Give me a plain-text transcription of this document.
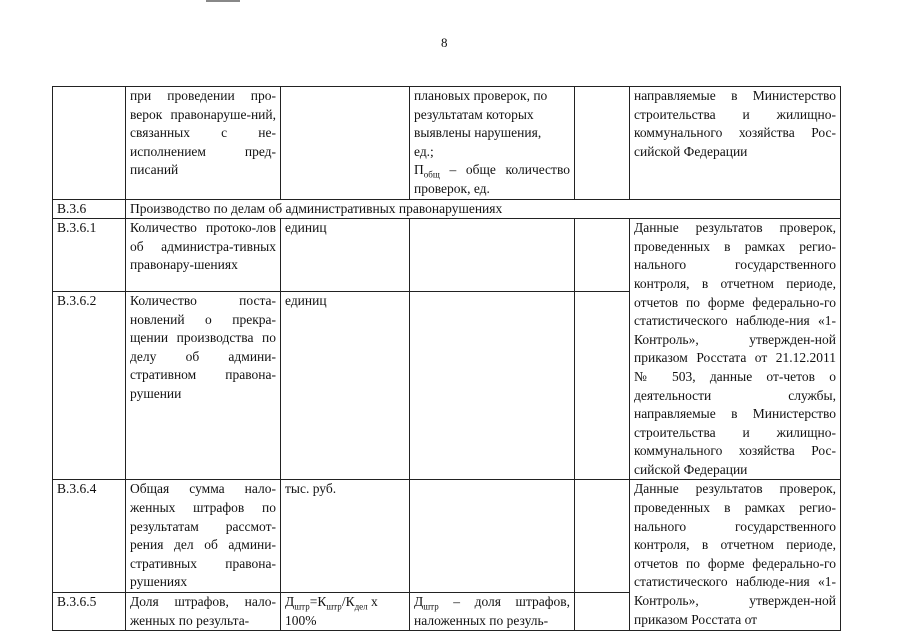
8
	при проведении про-верок правонаруше-ний, связанных с не-исполнением пред-писаний		плановых проверок, по
результатам которых
выявлены нарушения,
ед.;
$П_{общ}$ – обще количество проверок, ед.		направляемые в Министерство строительства и жилищно-коммунального хозяйства Рос-сийской Федерации
В.3.6	Производство по делам об административных правонарушениях				
В.3.6.1	Количество протоко-лов об администра-тивных правонару-шениях	единиц			Данные результатов проверок, проведенных в рамках регио-нального государственного контроля, в отчетном периоде, отчетов по форме федерально-го статистического наблюде-ния «1-Контроль», утвержден-ной приказом Росстата от 21.12.2011 № 503, данные от-четов о деятельности службы, направляемые в Министерство строительства и жилищно-коммунального хозяйства Рос-сийской Федерации
В.3.6.2	Количество поста-новлений о прекра-щении производства по делу об админи-стративном правона-рушении	единиц			
В.3.6.4	Общая сумма нало-женных штрафов по результатам рассмот-рения дел об админи-стративных правона-рушениях	тыс. руб.			Данные результатов проверок, проведенных в рамках регио-нального государственного контроля, в отчетном периоде, отчетов по форме федерально-го статистического наблюде-ния «1-Контроль», утвержден-ной приказом Росстата от
В.3.6.5	Доля штрафов, нало-женных по результа-	$Д_{штр}=К_{штр}/К_{дел}$ х 100%	$Д_{штр}$ – доля штрафов, наложенных по резуль-		
